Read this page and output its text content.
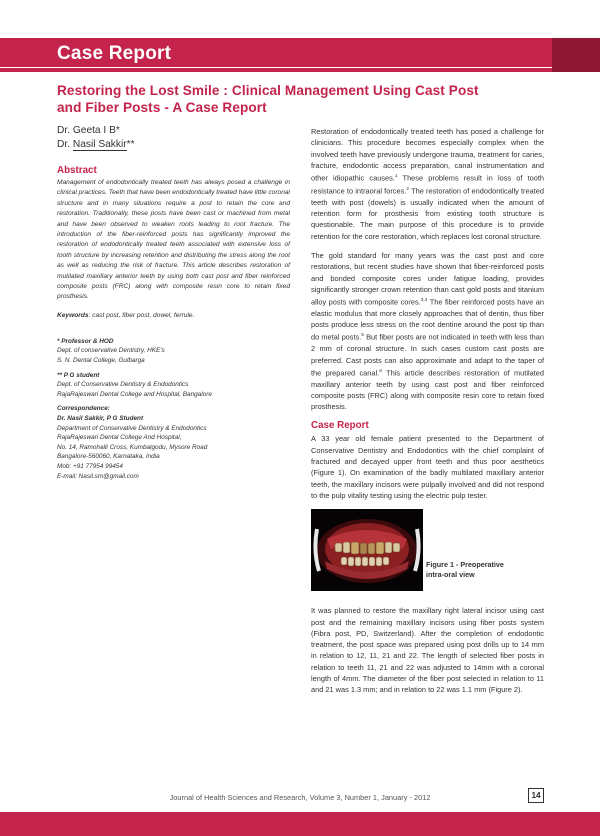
Case Report
Restoring the Lost Smile : Clinical Management Using Cast Post and Fiber Posts - A Case Report
Dr. Geeta I B*
Dr. Nasil Sakkir**
Abstract
Management of endodontically treated teeth has always posed a challenge in clinical practices. Teeth that have been endodontically treated have little coronal structure and in many situations require a post to retain the core and restoration. Traditionally, these posts have been cast or machined from metal and have been observed to weaken roots leading to root fracture. The introduction of the fiber-reinforced posts has significantly improved the restoration of endodontically treated teeth associated with extensive loss of tooth structure by increasing retention and distributing the stress along the root as well as reducing the risk of fracture. This article describes restoration of mutilated maxillary anterior teeth by using both cast post and fiber reinforced composite posts (FRC) along with composite resin core to retain fixed prosthesis.
Keywords: cast post, fiber post, dowel, ferrule.
* Professor & HOD
Dept. of conservative Dentistry, HKE's
S. N. Dental College, Gulbarga
** P G student
Dept. of Conservative Dentistry & Endodontics
RajaRajeswari Dental College and Hospital, Bangalore
Correspondence:
Dr. Nasil Sakkir, P G Student
Department of Conservative Dentistry & Endodontics
RajaRajeswari Dental College And Hospital,
No. 14, Ramohalli Cross, Kumbalgodu, Mysore Road
Bangalore-560060, Karnataka, India
Mob: +91 77954 99454
E-mail: Nasil.sm@gmail.com

Restoration of endodontically treated teeth has posed a challenge for clinicians. This procedure becomes especially complex when the involved teeth have previously undergone trauma, treatment for caries, fracture, endodontic access preparation, canal instrumentation and other idiopathic causes.$^1$ These problems result in loss of tooth resistance to intraoral forces.$^2$ The restoration of endodontically treated teeth with post (dowels) is usually indicated when the amount of retention form for prosthesis from existing tooth structure is questionable. The main purpose of this procedure is to provide retention for the core restoration, which replaces lost coronal structure.

The gold standard for many years was the cast post and core restorations, but recent studies have shown that fiber-reinforced posts and bonded composite cores under fatigue loading, provides significantly stronger crown retention than cast gold posts and titanium alloy posts with composite cores.$^{3,4}$ The fiber reinforced posts have an elastic modulus that more closely approaches that of dentin, thus fiber posts produce less stress on the root dentine around the post tip than do metal posts.$^5$ But fiber posts are not indicated in teeth with less than 2 mm of coronal structure. In such cases custom cast posts are preferred. Cast posts can also approximate and adapt to the taper of the prepared canal.$^6$ This article describes restoration of mutilated maxillary anterior teeth by using cast post and fiber reinforced composite posts (FRC) along with composite resin core to retain fixed prosthesis.

Case Report

A 33 year old female patient presented to the Department of Conservative Dentistry and Endodontics with the chief complaint of fractured and decayed upper front teeth and thus poor aesthetics (Figure 1). On examination of the badly multilated maxillary anterior teeth, the maxillary incisors were pulpally involved and did not respond to the pulp vitality testing using the electric pulp tester.

Figure 1 - Preoperative
intra-oral view

It was planned to restore the maxillary right lateral incisor using cast post and the remaining maxillary incisors using fiber posts system (Fibra post, PD, Switzerland). After the completion of endodontic treatment, the post space was prepared using post drills up to 14 mm in relation to 12, 11, 21 and 22. The length of selected fiber posts in relation to teeth 11, 21 and 22 was adjusted to 14mm with a coronal length of 4mm. The diameter of the fiber post selected in relation to 11 and 21 was 1.3 mm; and in relation to 22 was 1.1 mm (Figure 2).

Journal of Health Sciences and Research, Volume 3, Number 1, January - 2012	14
